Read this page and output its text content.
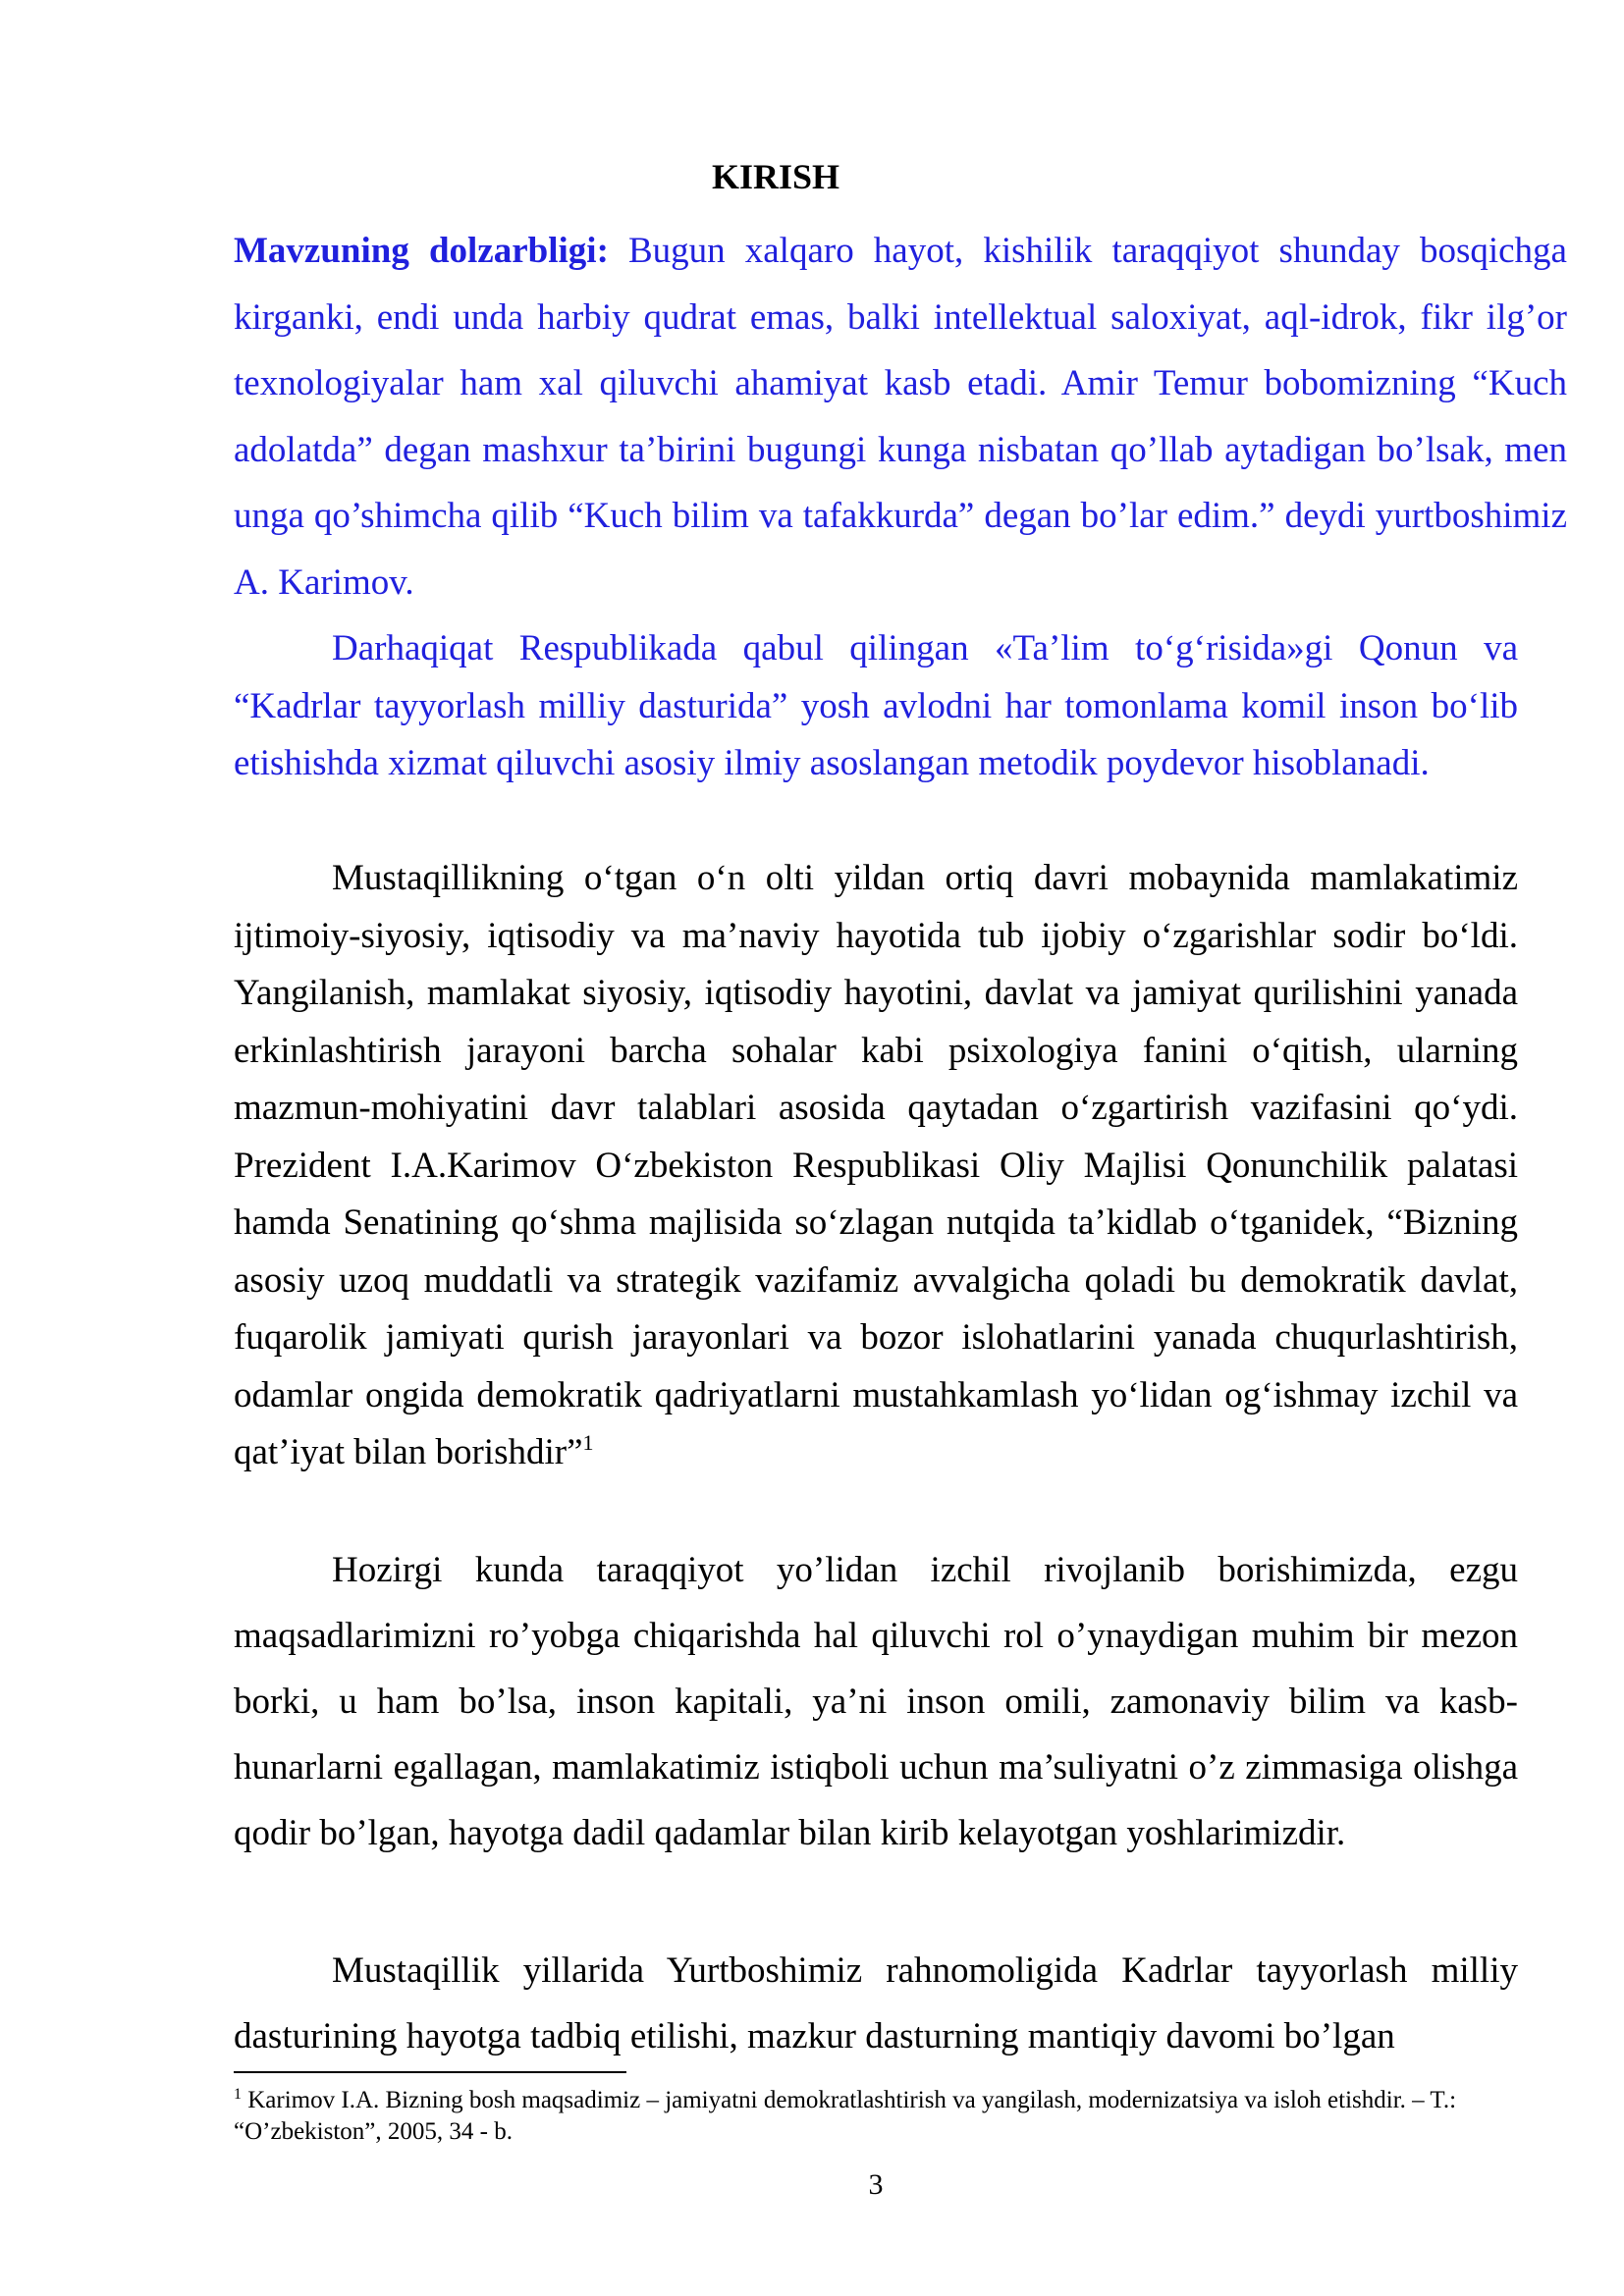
KIRISH

Mavzuning dolzarbligi: Bugun xalqaro hayot, kishilik taraqqiyot shunday bosqichga kirganki, endi unda harbiy qudrat emas, balki intellektual saloxiyat, aql-idrok, fikr ilg’or texnologiyalar ham xal qiluvchi ahamiyat kasb etadi. Amir Temur bobomizning “Kuch adolatda” degan mashxur ta’birini bugungi kunga nisbatan qo’llab aytadigan bo’lsak, men unga qo’shimcha qilib “Kuch bilim va tafakkurda” degan bo’lar edim.” deydi yurtboshimiz A. Karimov.

Darhaqiqat Respublikada qabul qilingan «Ta’lim to‘g‘risida»gi Qonun va “Kadrlar tayyorlash milliy dasturida” yosh avlodni har tomonlama komil inson bo‘lib etishishda xizmat qiluvchi asosiy ilmiy asoslangan metodik poydevor hisoblanadi.

Mustaqillikning o‘tgan o‘n olti yildan ortiq davri mobaynida mamlakatimiz ijtimoiy-siyosiy, iqtisodiy va ma’naviy hayotida tub ijobiy o‘zgarishlar sodir bo‘ldi. Yangilanish, mamlakat siyosiy, iqtisodiy hayotini, davlat va jamiyat qurilishini yanada erkinlashtirish jarayoni barcha sohalar kabi psixologiya fanini o‘qitish, ularning mazmun-mohiyatini davr talablari asosida qaytadan o‘zgartirish vazifasini qo‘ydi. Prezident I.A.Karimov O‘zbekiston Respublikasi Oliy Majlisi Qonunchilik palatasi hamda Senatining qo‘shma majlisida so‘zlagan nutqida ta’kidlab o‘tganidek, “Bizning asosiy uzoq muddatli va strategik vazifamiz avvalgicha qoladi bu demokratik davlat, fuqarolik jamiyati qurish jarayonlari va bozor islohatlarini yanada chuqurlashtirish, odamlar ongida demokratik qadriyatlarni mustahkamlash yo‘lidan og‘ishmay izchil va qat’iyat bilan borishdir”$^1$

Hozirgi kunda taraqqiyot yo’lidan izchil rivojlanib borishimizda, ezgu maqsadlarimizni ro’yobga chiqarishda hal qiluvchi rol o’ynaydigan muhim bir mezon borki, u ham bo’lsa, inson kapitali, ya’ni inson omili, zamonaviy bilim va kasb-hunarlarni egallagan, mamlakatimiz istiqboli uchun ma’suliyatni o’z zimmasiga olishga qodir bo’lgan, hayotga dadil qadamlar bilan kirib kelayotgan yoshlarimizdir.

Mustaqillik yillarida Yurtboshimiz rahnomoligida Kadrlar tayyorlash milliy dasturining hayotga tadbiq etilishi, mazkur dasturning mantiqiy davomi bo’lgan

$^1$ Karimov I.A. Bizning bosh maqsadimiz – jamiyatni demokratlashtirish va yangilash, modernizatsiya va isloh etishdir. – T.: “O’zbekiston”, 2005, 34 - b.

3
